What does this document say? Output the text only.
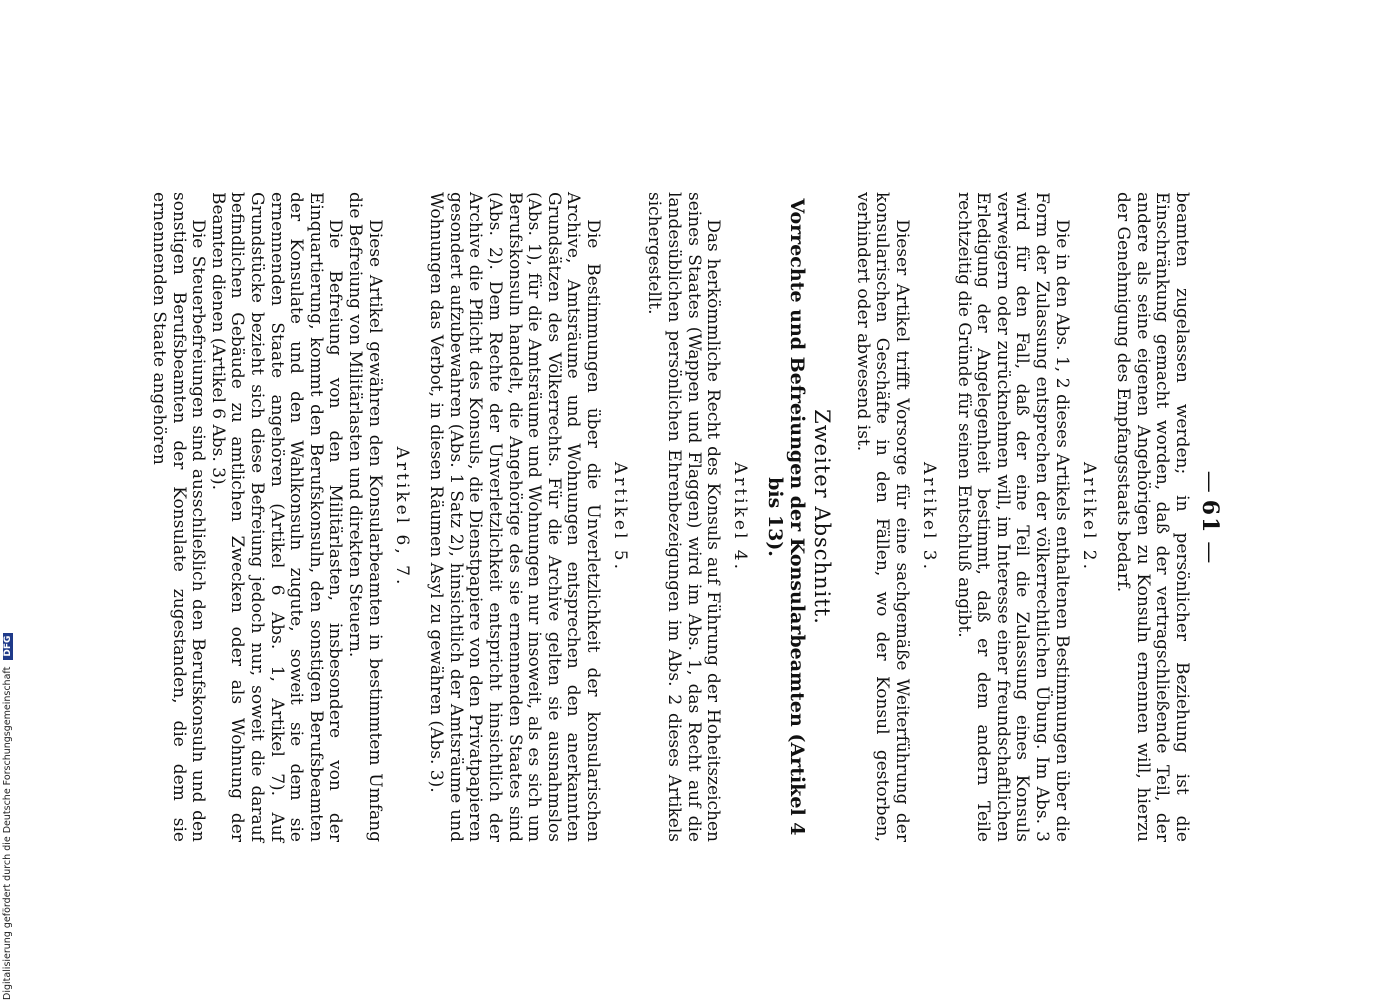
— 61 —

beamten zugelassen werden; in persönlicher Beziehung ist die Einschränkung gemacht worden, daß der vertragschließende Teil, der andere als seine eigenen Angehörigen zu Konsuln ernennen will, hierzu der Genehmigung des Empfangsstaats bedarf.

Artikel 2.

Die in den Abs. 1, 2 dieses Artikels enthaltenen Bestimmungen über die Form der Zulassung entsprechen der völkerrechtlichen Übung. Im Abs. 3 wird für den Fall, daß der eine Teil die Zulassung eines Konsuls verweigern oder zurücknehmen will, im Interesse einer freundschaftlichen Erledigung der Angelegenheit bestimmt, daß er dem andern Teile rechtzeitig die Gründe für seinen Entschluß angibt.

Artikel 3.

Dieser Artikel trifft Vorsorge für eine sachgemäße Weiterführung der konsularischen Geschäfte in den Fällen, wo der Konsul gestorben, verhindert oder abwesend ist.

Zweiter Abschnitt.
Vorrechte und Befreiungen der Konsularbeamten (Artikel 4 bis 13).
Artikel 4.

Das herkömmliche Recht des Konsuls auf Führung der Hoheitszeichen seines Staates (Wappen und Flaggen) wird im Abs. 1, das Recht auf die landesüblichen persönlichen Ehrenbezeigungen im Abs. 2 dieses Artikels sichergestellt.

Artikel 5.

Die Bestimmungen über die Unverletzlichkeit der konsularischen Archive, Amtsräume und Wohnungen entsprechen den anerkannten Grundsätzen des Völkerrechts. Für die Archive gelten sie ausnahmslos (Abs. 1), für die Amtsräume und Wohnungen nur insoweit, als es sich um Berufskonsuln handelt, die Angehörige des sie ernennenden Staates sind (Abs. 2). Dem Rechte der Unverletzlichkeit entspricht hinsichtlich der Archive die Pflicht des Konsuls, die Dienstpapiere von den Privatpapieren gesondert aufzubewahren (Abs. 1 Satz 2), hinsichtlich der Amtsräume und Wohnungen das Verbot, in diesen Räumen Asyl zu gewähren (Abs. 3).

Artikel 6, 7.

Diese Artikel gewähren den Konsularbeamten in bestimmtem Umfang die Befreiung von Militärlasten und direkten Steuern.

Die Befreiung von den Militärlasten, insbesondere von der Einquartierung, kommt den Berufskonsuln, den sonstigen Berufsbeamten der Konsulate und den Wahlkonsuln zugute, soweit sie dem sie ernennenden Staate angehören (Artikel 6 Abs. 1, Artikel 7). Auf Grundstücke bezieht sich diese Befreiung jedoch nur, soweit die darauf befindlichen Gebäude zu amtlichen Zwecken oder als Wohnung der Beamten dienen (Artikel 6 Abs. 3).

Die Steuerbefreiungen sind ausschließlich den Berufskonsuln und den sonstigen Berufsbeamten der Konsulate zugestanden, die dem sie ernennenden Staate angehören

Digitalisierung gefördert durch die Deutsche Forschungsgemeinschaft DFG
